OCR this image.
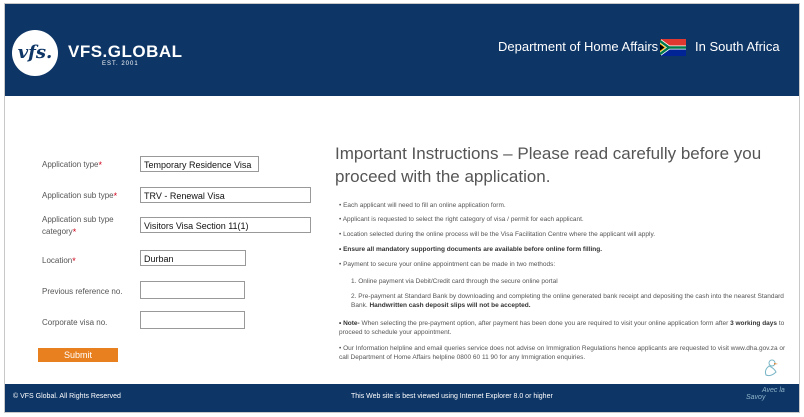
vfs. VFS.GLOBAL
EST. 2001
Department of Home Affairs	In South Africa
Application type*	Temporary Residence Visa
Application sub type*	TRV - Renewal Visa
Application sub type
category*
Visitors Visa Section 11(1)
Location*	Durban
Previous reference no.
Corporate visa no.
Submit
Important Instructions – Please read carefully before you proceed with the application.
• Each applicant will need to fill an online application form.
• Applicant is requested to select the right category of visa / permit for each applicant.
• Location selected during the online process will be the Visa Facilitation Centre where the applicant will apply.
• Ensure all mandatory supporting documents are available before online form filling.
• Payment to secure your online appointment can be made in two methods:
1. Online payment via Debit/Credit card through the secure online portal
2. Pre-payment at Standard Bank by downloading and completing the online generated bank receipt and depositing the cash into the nearest Standard Bank. Handwritten cash deposit slips will not be accepted.
• Note- When selecting the pre-payment option, after payment has been done you are required to visit your online application form after 3 working days to proceed to schedule your appointment.
• Our Information helpline and email queries service does not advise on Immigration Regulations hence applicants are requested to visit www.dha.gov.za or call Department of Home Affairs helpline 0800 60 11 90 for any Immigration enquiries.
© VFS Global. All Rights Reserved	This Web site is best viewed using Internet Explorer 8.0 or higher
Avec la
Savoy
